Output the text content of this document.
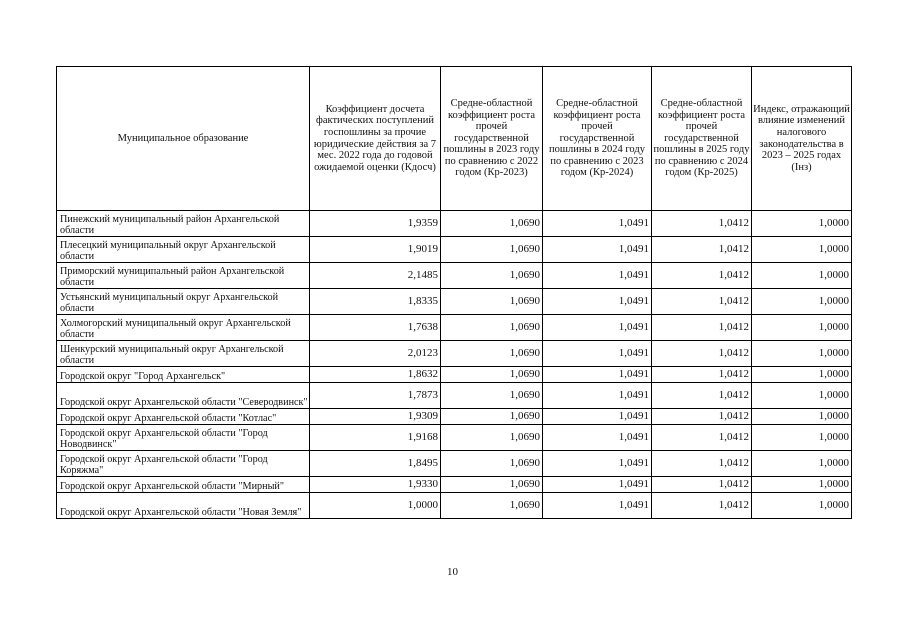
Муниципальное образование	Коэффициент досчета фактических поступлений госпошлины за прочие юридические действия за 7 мес. 2022 года до годовой ожидаемой оценки (Кдосч)	Средне-областной коэффициент роста прочей государственной пошлины в 2023 году по сравнению с 2022 годом (Кр-2023)	Средне-областной коэффициент роста прочей государственной пошлины в 2024 году по сравнению с 2023 годом (Кр-2024)	Средне-областной коэффициент роста прочей государственной пошлины в 2025 году по сравнению с 2024 годом (Кр-2025)	Индекс, отражающий влияние изменений налогового законодательства в 2023 – 2025 годах (Iнз)
Пинежский муниципальный район Архангельской области	1,9359	1,0690	1,0491	1,0412	1,0000
Плесецкий муниципальный округ Архангельской области	1,9019	1,0690	1,0491	1,0412	1,0000
Приморский муниципальный район Архангельской области	2,1485	1,0690	1,0491	1,0412	1,0000
Устьянский муниципальный округ Архангельской области	1,8335	1,0690	1,0491	1,0412	1,0000
Холмогорский муниципальный округ Архангельской области	1,7638	1,0690	1,0491	1,0412	1,0000
Шенкурский муниципальный округ Архангельской области	2,0123	1,0690	1,0491	1,0412	1,0000
Городской округ "Город Архангельск"	1,8632	1,0690	1,0491	1,0412	1,0000
Городской округ Архангельской области "Северодвинск"	1,7873	1,0690	1,0491	1,0412	1,0000
Городской округ Архангельской области "Котлас"	1,9309	1,0690	1,0491	1,0412	1,0000
Городской округ Архангельской области "Город Новодвинск"	1,9168	1,0690	1,0491	1,0412	1,0000
Городской округ Архангельской области "Город Коряжма"	1,8495	1,0690	1,0491	1,0412	1,0000
Городской округ Архангельской области "Мирный"	1,9330	1,0690	1,0491	1,0412	1,0000
Городской округ Архангельской области "Новая Земля"	1,0000	1,0690	1,0491	1,0412	1,0000
10
